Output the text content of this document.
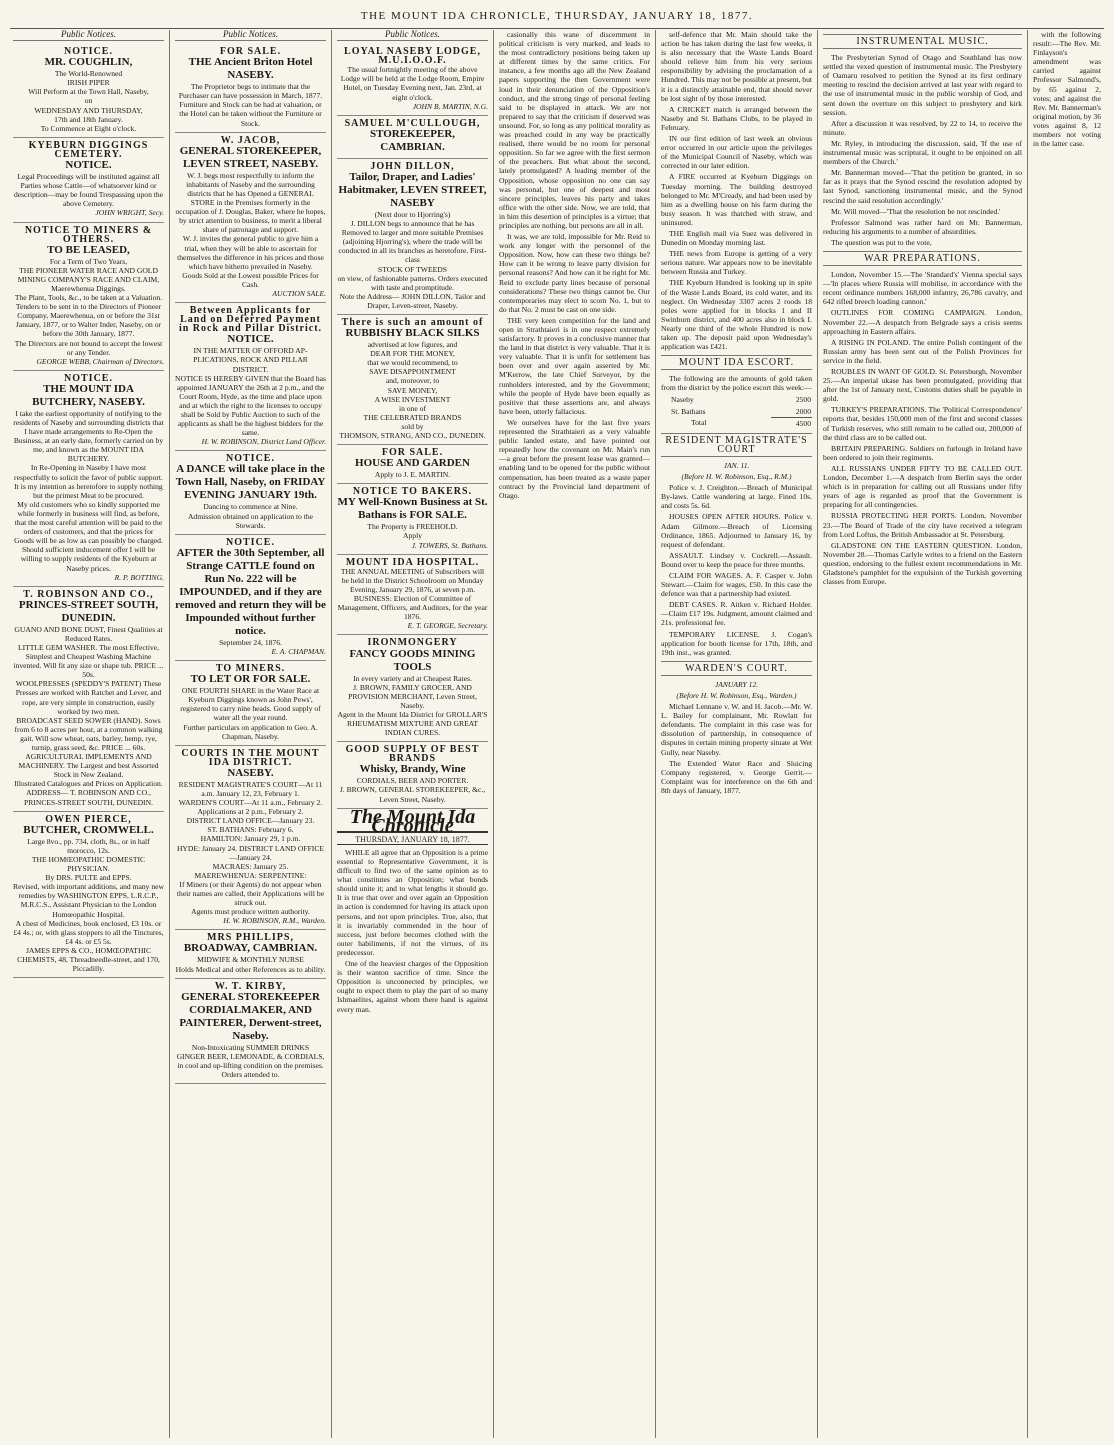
THE MOUNT IDA CHRONICLE, THURSDAY, JANUARY 18, 1877.
Public Notices.
NOTICE.
MR. COUGHLIN,
The World-Renowned
IRISH PIPER
Will Perform at the Town Hall, Naseby,
on
WEDNESDAY AND THURSDAY,
17th and 18th January.
To Commence at Eight o'clock.
KYEBURN DIGGINGS CEMETERY.
NOTICE.
Legal Proceedings will be instituted against all Parties whose Cattle—of whatsoever kind or description—may be found Trespassing upon the above Cemetery.
JOHN WRIGHT, Secy.
NOTICE TO MINERS & OTHERS.
TO BE LEASED,
For a Term of Two Years,
THE PIONEER WATER RACE AND GOLD MINING COMPANY'S RACE AND CLAIM,
Maerewhenua Diggings.
The Plant, Tools, &c., to be taken at a Valuation.
Tenders to be sent in to the Directors of Pioneer Company, Maerewhenua, on or before the 31st January, 1877, or to Walter Inder, Naseby, on or before the 30th January, 1877.
The Directors are not bound to accept the lowest or any Tender.
GEORGE WEBB, Chairman of Directors.
NOTICE.
THE MOUNT IDA BUTCHERY, NASEBY.
I take the earliest opportunity of notifying to the residents of Naseby and surrounding districts that I have made arrangements to Re-Open the Business, at an early date, formerly carried on by me, and known as the MOUNT IDA BUTCHERY.
In Re-Opening in Naseby I have most respectfully to solicit the favor of public support. It is my intention as heretofore to supply nothing but the primest Meat to be procured.
My old customers who so kindly supported me while formerly in business will find, as before, that the most careful attention will be paid to the orders of customers, and that the prices for Goods will be as low as can possibly be charged.
Should sufficient inducement offer I will be willing to supply residents of the Kyeburn at Naseby prices.
R. P. BOTTING.
T. ROBINSON AND CO.,
PRINCES-STREET SOUTH, DUNEDIN.
GUANO AND BONE DUST, Finest Qualities at Reduced Rates.
LITTLE GEM WASHER. The most Effective, Simplest and Cheapest Washing Machine invented. Will fit any size or shape tub. PRICE ... 50s.
WOOLPRESSES (SPEDDY'S PATENT) These Presses are worked with Ratchet and Lever, and rope, are very simple in construction, easily worked by two men.
BROADCAST SEED SOWER (HAND). Sows from 6 to 8 acres per hour, at a common walking gait. Will sow wheat, oats, barley, hemp, rye, turnip, grass seed, &c. PRICE ... 60s.
AGRICULTURAL IMPLEMENTS AND MACHINERY. The Largest and best Assorted Stock in New Zealand.
Illustrated Catalogues and Prices on Application.
ADDRESS— T. ROBINSON AND CO., PRINCES-STREET SOUTH, DUNEDIN.
OWEN PIERCE,
BUTCHER, CROMWELL.
Large 8vo., pp. 734, cloth, 8s., or in half morocco, 12s.
THE HOMŒOPATHIC DOMESTIC PHYSICIAN.
By DRS. PULTE and EPPS.
Revised, with important additions, and many new remedies by WASHINGTON EPPS, L.R.C.P., M.R.C.S., Assistant Physician to the London Homœopathic Hospital.
A chest of Medicines, book enclosed, £3 10s. or £4 4s.; or, with glass stoppers to all the Tinctures, £4 4s. or £5 5s.
JAMES EPPS & CO., HOMŒOPATHIC CHEMISTS, 48, Threadneedle-street, and 170, Piccadilly.
Public Notices.
FOR SALE.
THE Ancient Briton Hotel NASEBY.
The Proprietor begs to intimate that the Purchaser can have possession in March, 1877.
Furniture and Stock can be had at valuation, or the Hotel can be taken without the Furniture or Stock.
W. JACOB,
GENERAL STOREKEEPER, LEVEN STREET, NASEBY.
W. J. begs most respectfully to inform the inhabitants of Naseby and the surrounding districts that he has Opened a GENERAL STORE in the Premises formerly in the occupation of J. Douglas, Baker, where he hopes, by strict attention to business, to merit a liberal share of patronage and support.
W. J. invites the general public to give him a trial, when they will be able to ascertain for themselves the difference in his prices and those which have hitherto prevailed in Naseby.
Goods Sold at the Lowest possible Prices for Cash.
AUCTION SALE.
Between Applicants for Land on Deferred Payment in Rock and Pillar District.
NOTICE.
IN THE MATTER OF OFFORD AP-PLICATIONS, ROCK AND PILLAR DISTRICT.
NOTICE IS HEREBY GIVEN that the Board has appointed JANUARY the 26th at 2 p.m., and the Court Room, Hyde, as the time and place upon and at which the right to the licenses to occupy shall be Sold by Public Auction to such of the applicants as shall be the highest bidders for the same.
H. W. ROBINSON, District Land Officer.
NOTICE.
A DANCE will take place in the Town Hall, Naseby, on FRIDAY EVENING JANUARY 19th.
Dancing to commence at Nine.
Admission obtained on application to the Stewards.
NOTICE.
AFTER the 30th September, all Strange CATTLE found on Run No. 222 will be IMPOUNDED, and if they are removed and return they will be Impounded without further notice.
September 24, 1876.
E. A. CHAPMAN.
TO MINERS.
TO LET OR FOR SALE.
ONE FOURTH SHARE in the Water Race at Kyeburn Diggings known as John Pews', registered to carry nine heads. Good supply of water all the year round.
Further particulars on application to Geo. A. Chapman, Naseby.
COURTS IN THE MOUNT IDA DISTRICT.
NASEBY.
RESIDENT MAGISTRATE'S COURT—At 11 a.m. January 12, 23, February 1.
WARDEN'S COURT—At 11 a.m., February 2. Applications at 2 p.m., February 2.
DISTRICT LAND OFFICE—January 23.
ST. BATHANS: February 6.
HAMILTON: January 29, 1 p.m.
HYDE: January 24. DISTRICT LAND OFFICE—January 24.
MACRAES: January 25.
MAEREWHENUA: SERPENTINE:
If Miners (or their Agents) do not appear when their names are called, their Applications will be struck out.
Agents must produce written authority.
H. W. ROBINSON, R.M., Warden.
MRS PHILLIPS,
BROADWAY, CAMBRIAN.
MIDWIFE & MONTHLY NURSE
Holds Medical and other References as to ability.
W. T. KIRBY,
GENERAL STOREKEEPER CORDIALMAKER, AND PAINTERER, Derwent-street, Naseby.
Non-Intoxicating SUMMER DRINKS
GINGER BEER, LEMONADE, & CORDIALS, in cool and up-lifting condition on the premises.
Orders attended to.
Public Notices.
LOYAL NASEBY LODGE, M.U.I.O.O.F.
The usual fortnightly meeting of the above Lodge will be held at the Lodge Room, Empire Hotel, on Tuesday Evening next, Jan. 23rd, at eight o'clock.
JOHN B. MARTIN, N.G.
SAMUEL M'CULLOUGH,
STOREKEEPER, CAMBRIAN.
JOHN DILLON,
Tailor, Draper, and Ladies' Habitmaker, LEVEN STREET, NASEBY
(Next door to Hjorring's)
J. DILLON begs to announce that he has Removed to larger and more suitable Premises (adjoining Hjorring's), where the trade will be conducted in all its branches as heretofore. First-class
STOCK OF TWEEDS
on view, of fashionable patterns. Orders executed with taste and promptitude.
Note the Address— JOHN DILLON, Tailor and Draper, Leven-street, Naseby.
There is such an amount of
RUBBISHY BLACK SILKS
advertised at low figures, and
DEAR FOR THE MONEY,
that we would recommend, to
SAVE DISAPPOINTMENT
and, moreover, to
SAVE MONEY,
A WISE INVESTMENT
in one of
THE CELEBRATED BRANDS
sold by
THOMSON, STRANG, AND CO., DUNEDIN.
FOR SALE.
HOUSE AND GARDEN
Apply to J. E. MARTIN.
NOTICE TO BAKERS.
MY Well-Known Business at St. Bathans is FOR SALE.
The Property is FREEHOLD.
Apply
J. TOWERS, St. Bathans.
MOUNT IDA HOSPITAL.
THE ANNUAL MEETING of Subscribers will be held in the District Schoolroom on Monday Evening, January 29, 1876, at seven p.m.
BUSINESS: Election of Committee of Management, Officers, and Auditors, for the year 1876.
E. T. GEORGE, Secretary.
IRONMONGERY
FANCY GOODS MINING TOOLS
In every variety and at Cheapest Rates.
J. BROWN, FAMILY GROCER, AND PROVISION MERCHANT, Leven Street, Naseby.
Agent in the Mount Ida District for GROLLAR'S RHEUMATISM MIXTURE AND GREAT INDIAN CURES.
GOOD SUPPLY OF BEST BRANDS
Whisky, Brandy, Wine
CORDIALS, BEER AND PORTER.
J. BROWN, GENERAL STOREKEEPER, &c., Leven Street, Naseby.
The Mount Ida Chronicle
THURSDAY, JANUARY 18, 1877.

WHILE all agree that an Opposition is a prime essential to Representative Government, it is difficult to find two of the same opinion as to what constitutes an Opposition; what bonds should unite it; and to what lengths it should go. It is true that over and over again an Opposition in action is condemned for having its attack upon persons, and not upon principles. True, also, that it is invariably commended in the hour of success, just before becomes clothed with the outer habiliments, if not the virtues, of its predecessor.

One of the heaviest charges of the Opposition is their wanton sacrifice of time. Since the Opposition is unconnected by principles, we ought to expect them to play the part of so many Ishmaelites, against whom there hand is against every man.

casionally this wane of discernment in political criticism is very marked, and leads to the most contradictory positions being taken up at different times by the same critics. For instance, a few months ago all the New Zealand papers supporting the then Government were loud in their denunciation of the Opposition's conduct, and the strong tinge of personal feeling said to be displayed in attack. We are not prepared to say that the criticism if deserved was unsound. For, so long as any political morality as was preached could in any way be practically realised, there would be no room for personal opposition. So far we agree with the first sermon of the preachers. But what about the second, lately promulgated? A leading member of the Opposition, whose opposition no one can say was personal, but one of deepest and most sincere principles, leaves his party and takes office with the other side. Now, we are told, that in him this desertion of principles is a virtue; that principles are nothing, but persons are all in all.

It was, we are told, impossible for Mr. Reid to work any longer with the personnel of the Opposition. Now, how can these two things be? How can it be wrong to leave party division for personal reasons? And how can it be right for Mr. Reid to exclude party lines because of personal considerations? These two things cannot be. Our contemporaries may elect to scorn No. 1, but to do that No. 2 must be cast on one side.

THE very keen competition for the land and open in Strathtaieri is in one respect extremely satisfactory. It proves in a conclusive manner that the land in that district is very valuable. That it is very valuable. That it is unfit for settlement has been over and over again asserted by Mr. M'Kerrow, the late Chief Surveyor, by the runholders interested, and by the Government; while the people of Hyde have been equally as positive that these assertions are, and always have been, utterly fallacious.

We ourselves have for the last five years represented the Strathtaieri as a very valuable public landed estate, and have pointed out repeatedly how the covenant on Mr. Main's run—a great before the present lease was granted—enabling land to be opened for the public without compensation, has been treated as a waste paper contract by the Provincial land department of Otago.

self-defence that Mr. Main should take the action he has taken during the last few weeks, it is also necessary that the Waste Lands Board should relieve him from his very serious responsibility by advising the proclamation of a Hundred. This may not be possible at present, but it is a distinctly attainable end, that should never be lost sight of by those interested.

A CRICKET match is arranged between the Naseby and St. Bathans Clubs, to be played in February.

IN our first edition of last week an obvious error occurred in our article upon the privileges of the Municipal Council of Naseby, which was corrected in our later edition.

A FIRE occurred at Kyeburn Diggings on Tuesday morning. The building destroyed belonged to Mr. M'Cready, and had been used by him as a dwelling house on his farm during the busy season. It was thatched with straw, and uninsured.

THE English mail via Suez was delivered in Dunedin on Monday morning last.

THE news from Europe is getting of a very serious nature. War appears now to be inevitable between Russia and Turkey.

THE Kyeburn Hundred is looking up in spite of the Waste Lands Board, its cold water, and its neglect. On Wednesday 3307 acres 2 roods 18 poles were applied for in blocks 1 and II Swinburn district, and 400 acres also in block I. Nearly one third of the whole Hundred is now taken up. The deposit paid upon Wednesday's application was £421.

MOUNT IDA ESCORT.

The following are the amounts of gold taken from the district by the police escort this week:—

Naseby	2500
St. Bathans	2000
Total	4500
RESIDENT MAGISTRATE'S COURT
JAN. 11.
(Before H. W. Robinson, Esq., R.M.)

Police v. J. Creighton.—Breach of Municipal By-laws. Cattle wandering at large. Fined 10s. and costs 5s. 6d.

HOUSES OPEN AFTER HOURS. Police v. Adam Gilmore.—Breach of Licensing Ordinance, 1865. Adjourned to January 16, by request of defendant.

ASSAULT. Lindsey v. Cockrell.—Assault. Bound over to keep the peace for three months.

CLAIM FOR WAGES. A. F. Casper v. John Stewart.—Claim for wages, £50. In this case the defence was that a partnership had existed.

DEBT CASES. R. Aitken v. Richard Holder.—Claim £17 19s. Judgment, amount claimed and 21s. professional fee.

TEMPORARY LICENSE. J. Cogan's application for booth license for 17th, 18th, and 19th inst., was granted.

WARDEN'S COURT.
JANUARY 12.
(Before H. W. Robinson, Esq., Warden.)

Michael Lennane v. W. and H. Jacob.—Mr. W. L. Bailey for complainant, Mr. Rowlatt for defendants. The complaint in this case was for dissolution of partnership, in consequence of disputes in certain mining property situate at Wet Gully, near Naseby.

The Extended Water Race and Sluicing Company registered, v. George Gerrit.—Complaint was for interference on the 6th and 8th days of January, 1877.

INSTRUMENTAL MUSIC.

The Presbyterian Synod of Otago and Southland has now settled the vexed question of instrumental music. The Presbytery of Oamaru resolved to petition the Synod at its first ordinary meeting to rescind the decision arrived at last year with regard to the use of instrumental music in the public worship of God, and sent down the overture on this subject to presbytery and kirk session.

After a discussion it was resolved, by 22 to 14, to receive the minute.

Mr. Ryley, in introducing the discussion, said, 'If the use of instrumental music was scriptural, it ought to be enjoined on all members of the Church.'

Mr. Bannerman moved—'That the petition be granted, in so far as it prays that the Synod rescind the resolution adopted by last Synod, sanctioning instrumental music, and the Synod rescind the said resolution accordingly.'

Mr. Will moved—'That the resolution be not rescinded.'

Professor Salmond was rather hard on Mr. Bannerman, reducing his arguments to a number of absurdities.

The question was put to the vote,

WAR PREPARATIONS.

London, November 15.—The 'Standard's' Vienna special says—'In places where Russia will mobilise, in accordance with the recent ordinance numbers 168,000 infantry, 26,786 cavalry, and 642 rifled breech loading cannon.'

OUTLINES FOR COMING CAMPAIGN. London, November 22.—A despatch from Belgrade says a crisis seems approaching in Eastern affairs.

A RISING IN POLAND. The entire Polish contingent of the Russian army has been sent out of the Polish Provinces for service in the field.

ROUBLES IN WANT OF GOLD. St. Petersburgh, November 25.—An imperial ukase has been promulgated, providing that after the 1st of January next, Customs duties shall be payable in gold.

TURKEY'S PREPARATIONS. The 'Political Correspondence' reports that, besides 150,000 men of the first and second classes of Turkish reserves, who still remain to be called out, 200,000 of the third class are to be called out.

BRITAIN PREPARING. Soldiers on furlough in Ireland have been ordered to join their regiments.

ALL RUSSIANS UNDER FIFTY TO BE CALLED OUT. London, December 1.—A despatch from Berlin says the order which is in preparation for calling out all Russians under fifty years of age is regarded as proof that the Government is preparing for all contingencies.

RUSSIA PROTECTING HER PORTS. London, November 23.—The Board of Trade of the city have received a telegram from Lord Loftus, the British Ambassador at St. Petersburg.

GLADSTONE ON THE EASTERN QUESTION. London, November 28.—Thomas Carlyle writes to a friend on the Eastern question, endorsing to the fullest extent recommendations in Mr. Gladstone's pamphlet for the expulsion of the Turkish governing classes from Europe.

with the following result:—The Rev. Mr. Finlayson's amendment was carried against Professor Salmond's, by 65 against 2, votes; and against the Rev. Mr. Bannerman's original motion, by 36 votes against 8, 12 members not voting in the latter case.
